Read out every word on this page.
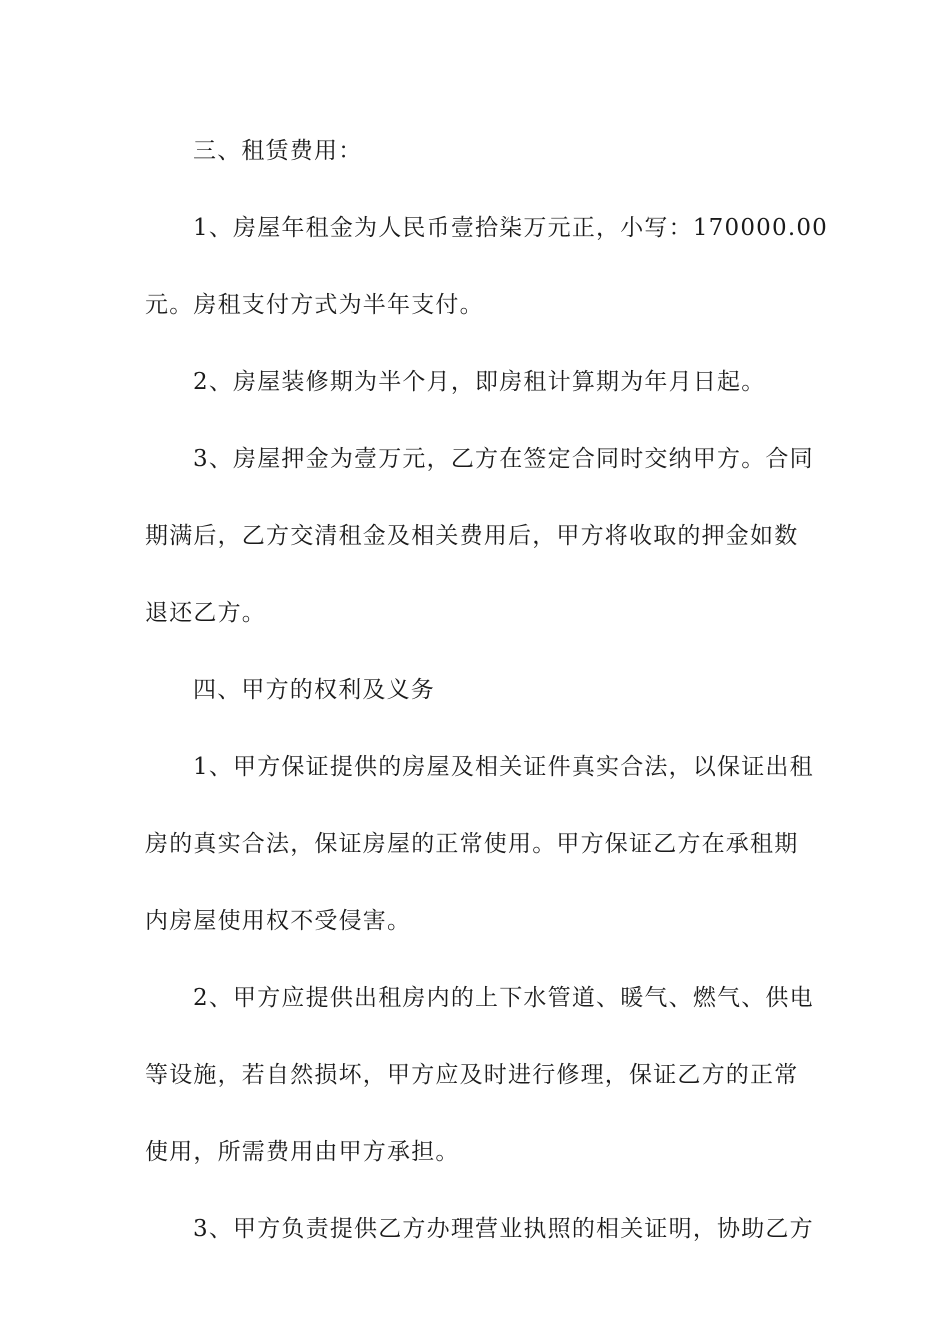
三、租赁费用：
1、房屋年租金为人民币壹拾柒万元正，小写：170000.00
元。房租支付方式为半年支付。
2、房屋装修期为半个月，即房租计算期为年月日起。
3、房屋押金为壹万元，乙方在签定合同时交纳甲方。合同
期满后，乙方交清租金及相关费用后，甲方将收取的押金如数
退还乙方。
四、甲方的权利及义务
1、甲方保证提供的房屋及相关证件真实合法，以保证出租
房的真实合法，保证房屋的正常使用。甲方保证乙方在承租期
内房屋使用权不受侵害。
2、甲方应提供出租房内的上下水管道、暖气、燃气、供电
等设施，若自然损坏，甲方应及时进行修理，保证乙方的正常
使用，所需费用由甲方承担。
3、甲方负责提供乙方办理营业执照的相关证明，协助乙方
